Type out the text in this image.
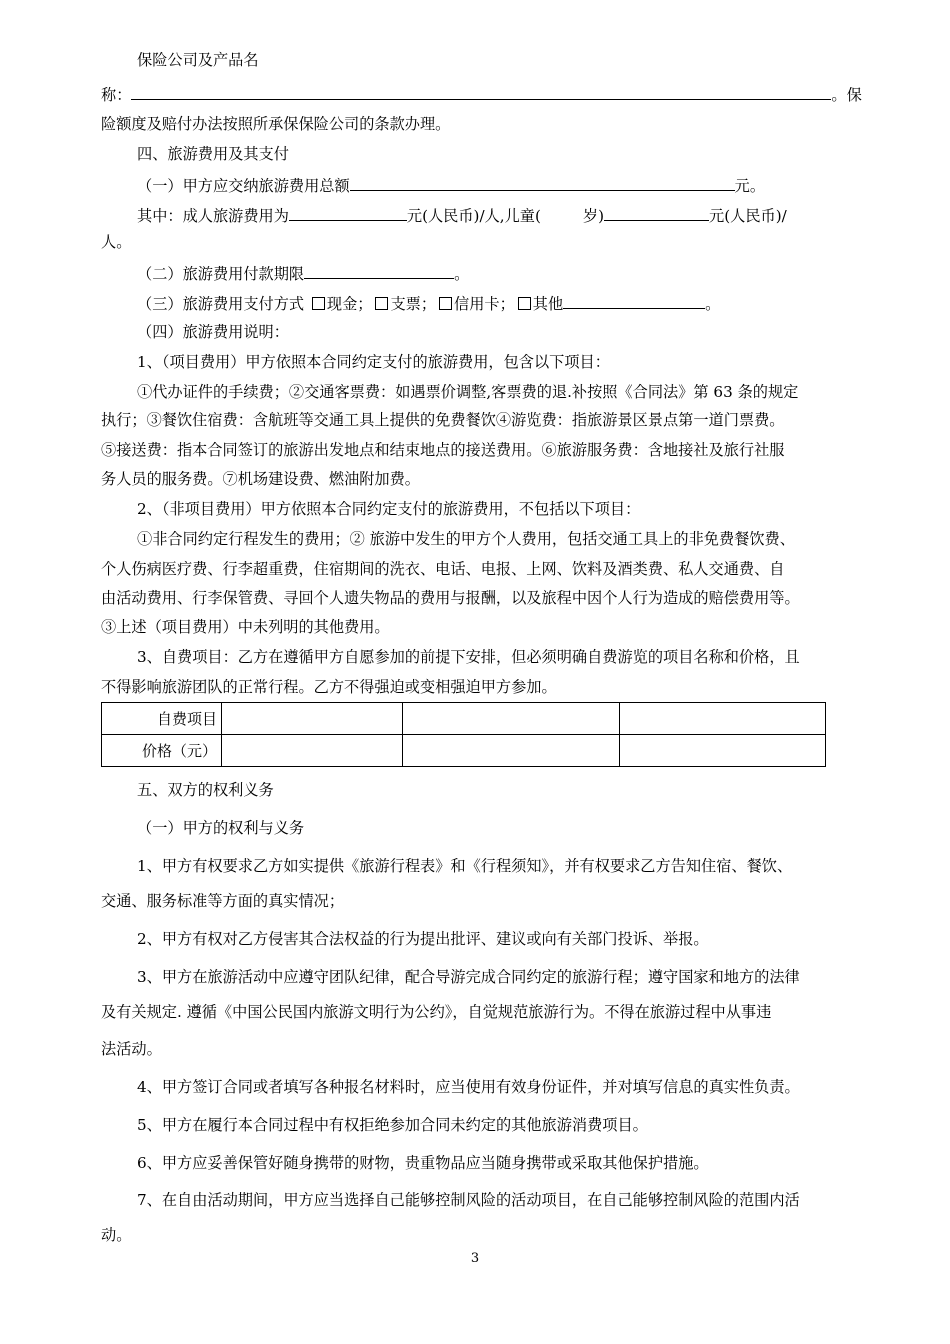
保险公司及产品名
称：	。保
险额度及赔付办法按照所承保保险公司的条款办理。
四、旅游费用及其支付
（一）甲方应交纳旅游费用总额	元。
其中：成人旅游费用为	元(人民币)/人,儿童(	岁)	元(人民币)/
人。
（二）旅游费用付款期限	。
（三）旅游费用支付方式 现金； 支票； 信用卡； 其他	。
（四）旅游费用说明：
1、（项目费用）甲方依照本合同约定支付的旅游费用，包含以下项目：
①代办证件的手续费；②交通客票费：如遇票价调整,客票费的退.补按照《合同法》第 63 条的规定
执行；③餐饮住宿费：含航班等交通工具上提供的免费餐饮④游览费：指旅游景区景点第一道门票费。
⑤接送费：指本合同签订的旅游出发地点和结束地点的接送费用。⑥旅游服务费：含地接社及旅行社服
务人员的服务费。⑦机场建设费、燃油附加费。
2、（非项目费用）甲方依照本合同约定支付的旅游费用，不包括以下项目：
①非合同约定行程发生的费用；② 旅游中发生的甲方个人费用，包括交通工具上的非免费餐饮费、
个人伤病医疗费、行李超重费，住宿期间的洗衣、电话、电报、上网、饮料及酒类费、私人交通费、自
由活动费用、行李保管费、寻回个人遗失物品的费用与报酬，以及旅程中因个人行为造成的赔偿费用等。
③上述（项目费用）中未列明的其他费用。
3、自费项目：乙方在遵循甲方自愿参加的前提下安排，但必须明确自费游览的项目名称和价格，且
不得影响旅游团队的正常行程。乙方不得强迫或变相强迫甲方参加。
自费项目			
价格（元）			
五、双方的权利义务
（一）甲方的权利与义务
1、甲方有权要求乙方如实提供《旅游行程表》和《行程须知》，并有权要求乙方告知住宿、餐饮、
交通、服务标准等方面的真实情况；
2、甲方有权对乙方侵害其合法权益的行为提出批评、建议或向有关部门投诉、举报。
3、甲方在旅游活动中应遵守团队纪律，配合导游完成合同约定的旅游行程；遵守国家和地方的法律
及有关规定. 遵循《中国公民国内旅游文明行为公约》，自觉规范旅游行为。不得在旅游过程中从事违
法活动。
4、甲方签订合同或者填写各种报名材料时，应当使用有效身份证件，并对填写信息的真实性负责。
5、甲方在履行本合同过程中有权拒绝参加合同未约定的其他旅游消费项目。
6、甲方应妥善保管好随身携带的财物，贵重物品应当随身携带或采取其他保护措施。
7、在自由活动期间，甲方应当选择自己能够控制风险的活动项目，在自己能够控制风险的范围内活
动。
3
